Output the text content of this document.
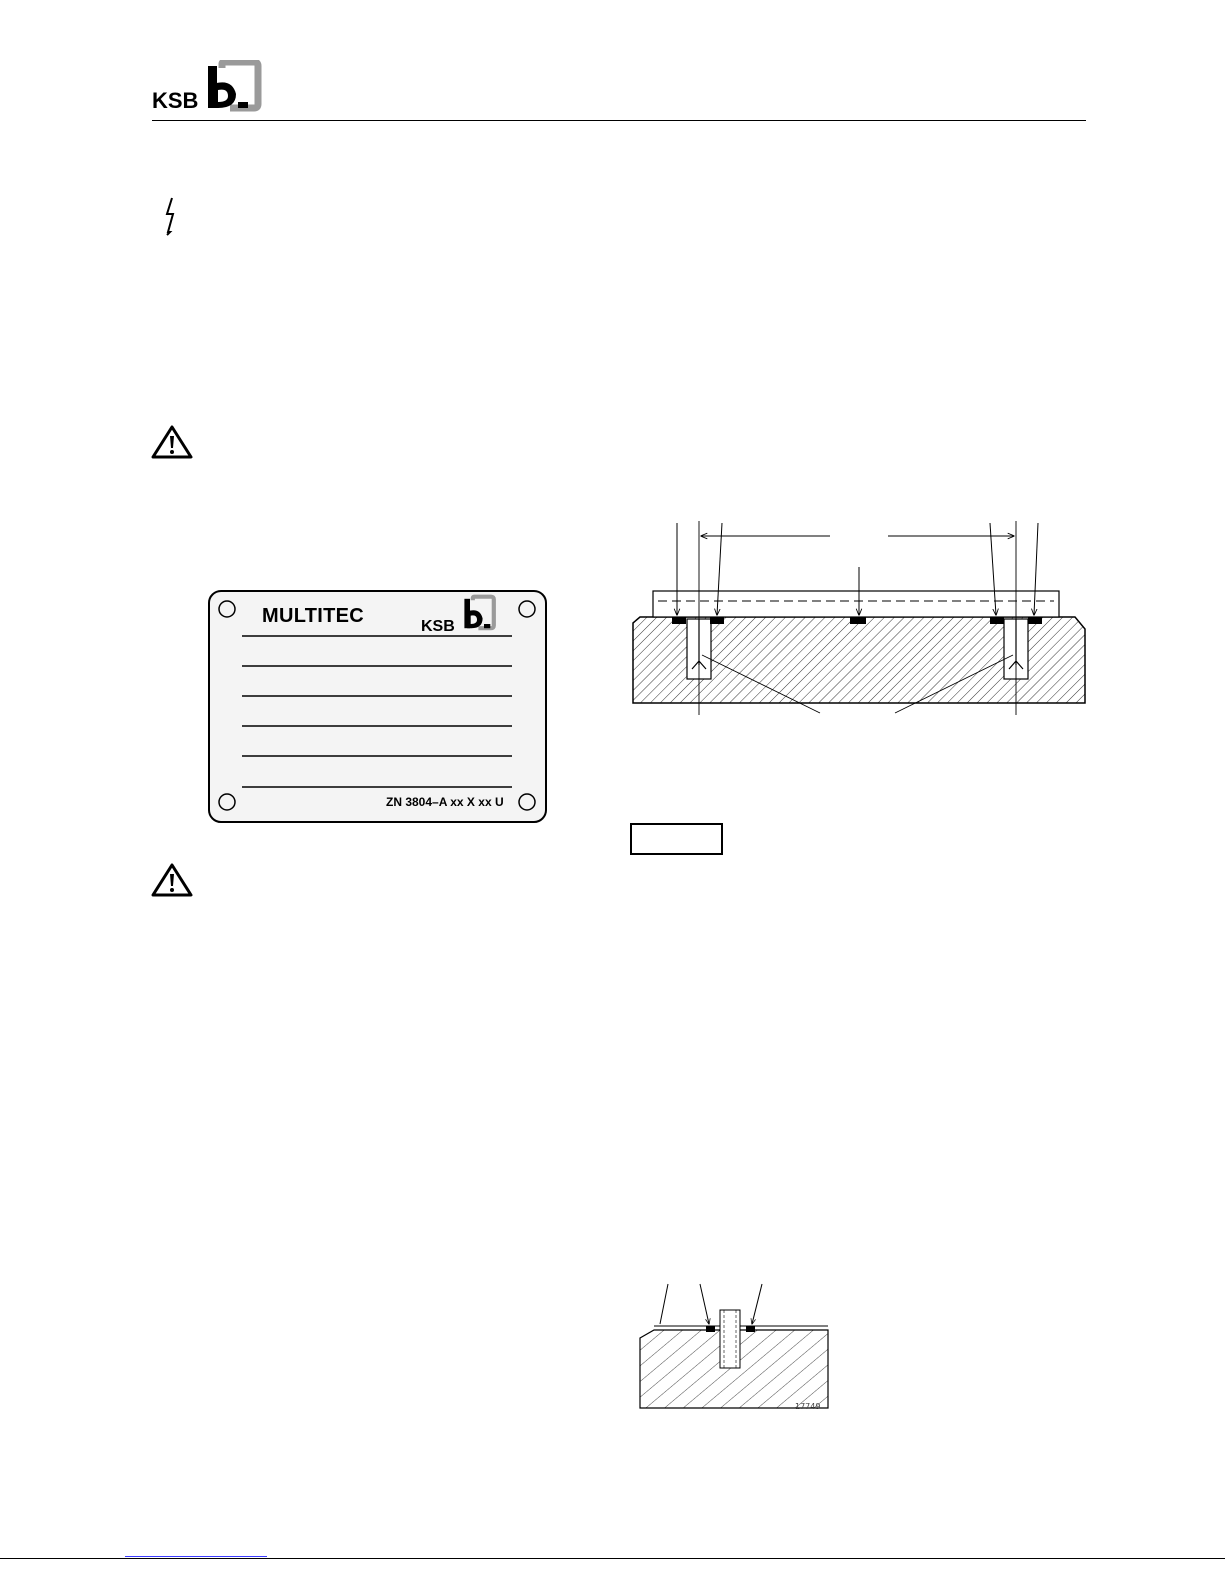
KSB
KSB
MULTITEC
ZN 3804–A xx X xx U
17749
